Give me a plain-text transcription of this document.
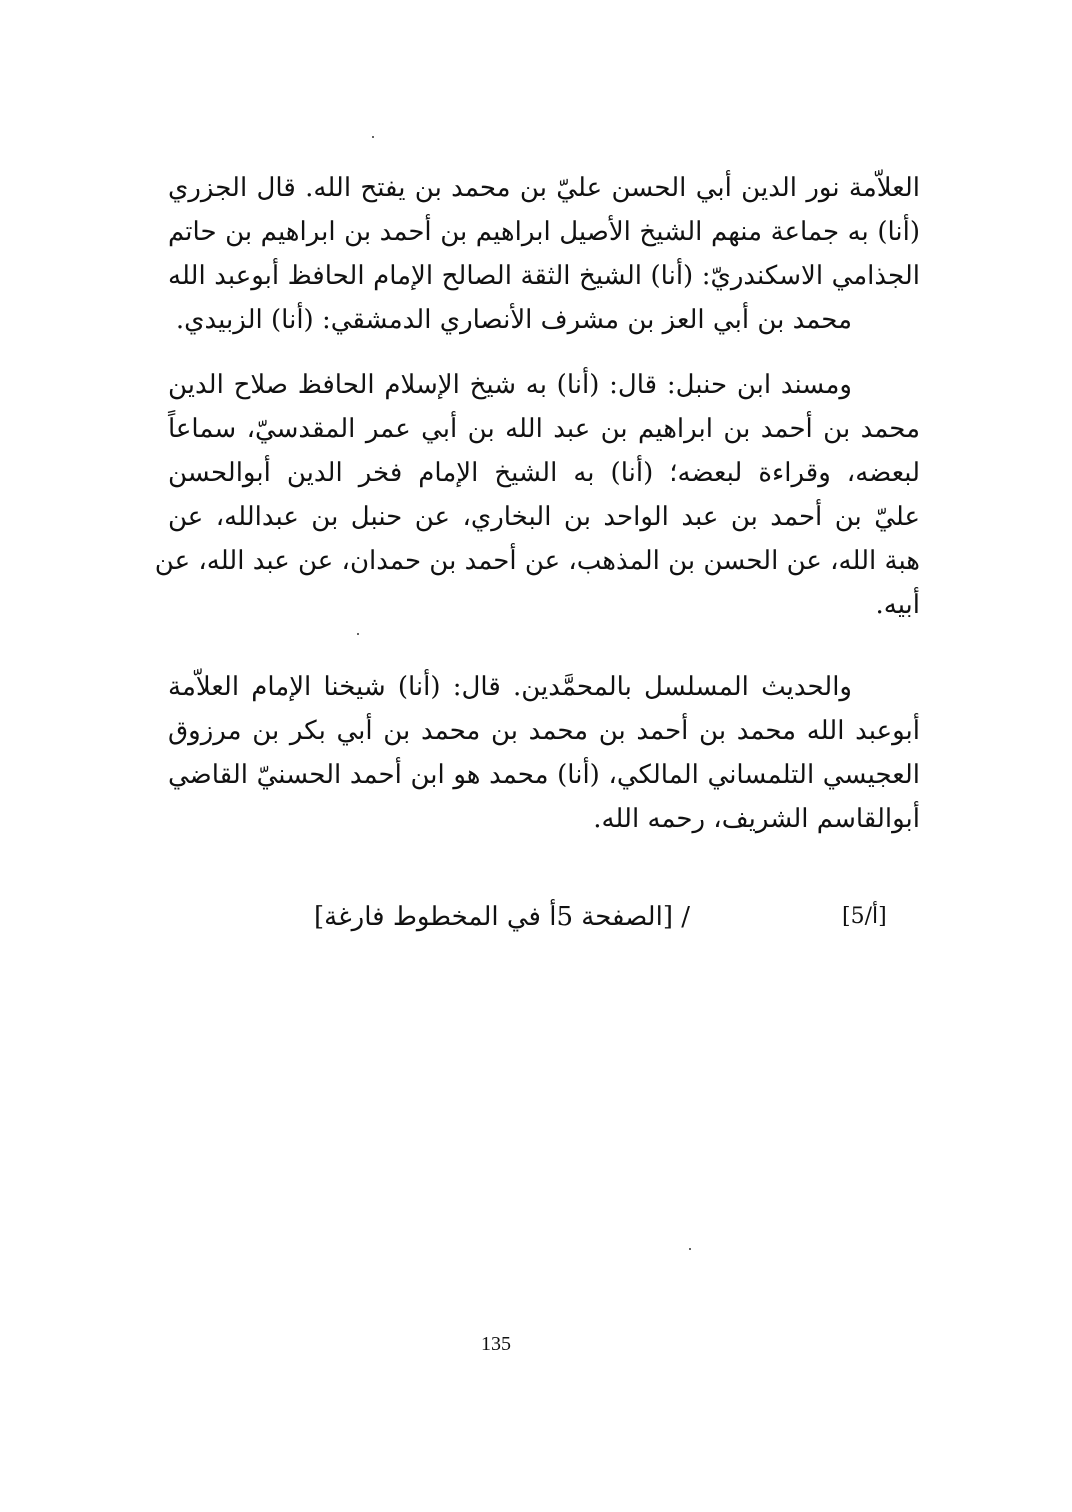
العلاّمة نور الدين أبي الحسن عليّ بن محمد بن يفتح الله. قال الجزري
(أنا) به جماعة منهم الشيخ الأصيل ابراهيم بن أحمد بن ابراهيم بن حاتم
الجذامي الاسكندريّ: (أنا) الشيخ الثقة الصالح الإمام الحافظ أبوعبد الله
محمد بن أبي العز بن مشرف الأنصاري الدمشقي: (أنا) الزبيدي.
ومسند ابن حنبل: قال: (أنا) به شيخ الإسلام الحافظ صلاح الدين
محمد بن أحمد بن ابراهيم بن عبد الله بن أبي عمر المقدسيّ، سماعاً
لبعضه، وقراءة لبعضه؛ (أنا) به الشيخ الإمام فخر الدين أبوالحسن
عليّ بن أحمد بن عبد الواحد بن البخاري، عن حنبل بن عبدالله، عن
هبة الله، عن الحسن بن المذهب، عن أحمد بن حمدان، عن عبد الله، عن
أبيه.
والحديث المسلسل بالمحمَّدين. قال: (أنا) شيخنا الإمام العلاّمة
أبوعبد الله محمد بن أحمد بن محمد بن محمد بن أبي بكر بن مرزوق
العجيسي التلمساني المالكي، (أنا) محمد هو ابن أحمد الحسنيّ القاضي
أبوالقاسم الشريف، رحمه الله.
[5/أ]
/ [الصفحة 5أ في المخطوط فارغة]
135
